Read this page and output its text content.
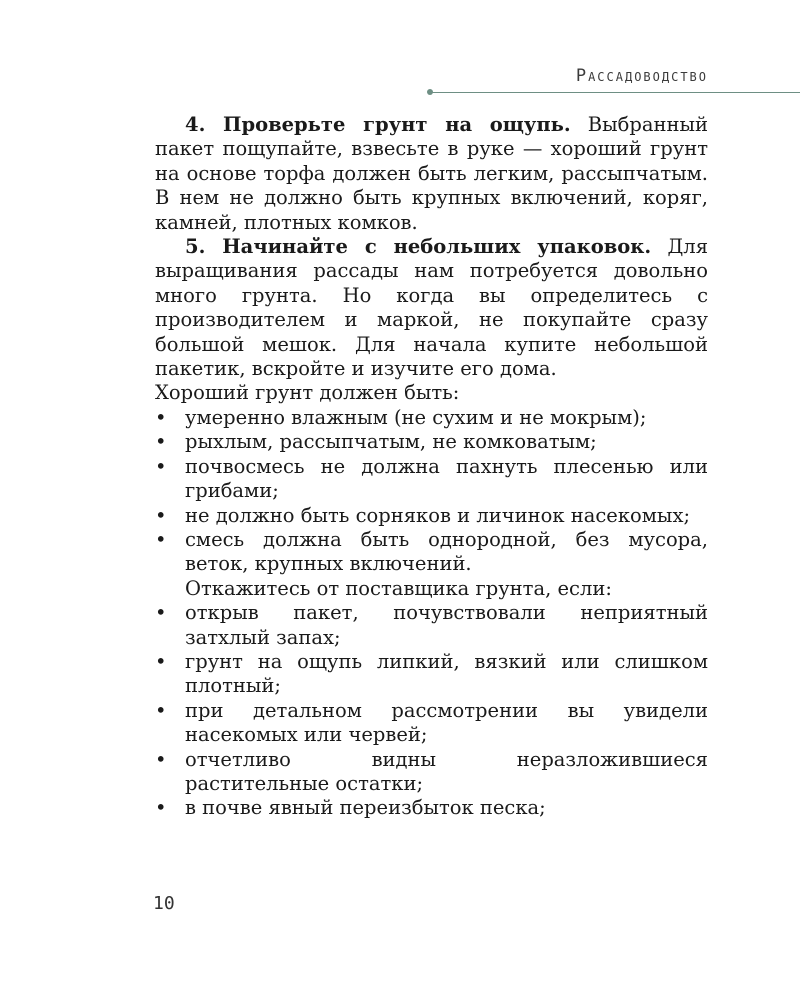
Рассадоводство

4. Проверьте грунт на ощупь. Выбранный пакет пощупайте, взвесьте в руке — хороший грунт на основе торфа должен быть легким, рассыпчатым. В нем не должно быть крупных включений, коряг, камней, плотных комков.

5. Начинайте с небольших упаковок. Для выращивания рассады нам потребуется довольно много грунта. Но когда вы определитесь с производителем и маркой, не покупайте сразу большой мешок. Для начала купите небольшой пакетик, вскройте и изучите его дома.

Хороший грунт должен быть:

• умеренно влажным (не сухим и не мокрым);
• рыхлым, рассыпчатым, не комковатым;
• почвосмесь не должна пахнуть плесенью или грибами;
• не должно быть сорняков и личинок насекомых;
• смесь должна быть однородной, без мусора, веток, крупных включений.

Откажитесь от поставщика грунта, если:

• открыв пакет, почувствовали неприятный затхлый запах;
• грунт на ощупь липкий, вязкий или слишком плотный;
• при детальном рассмотрении вы увидели насекомых или червей;
• отчетливо видны неразложившиеся растительные остатки;
• в почве явный переизбыток песка;
10
